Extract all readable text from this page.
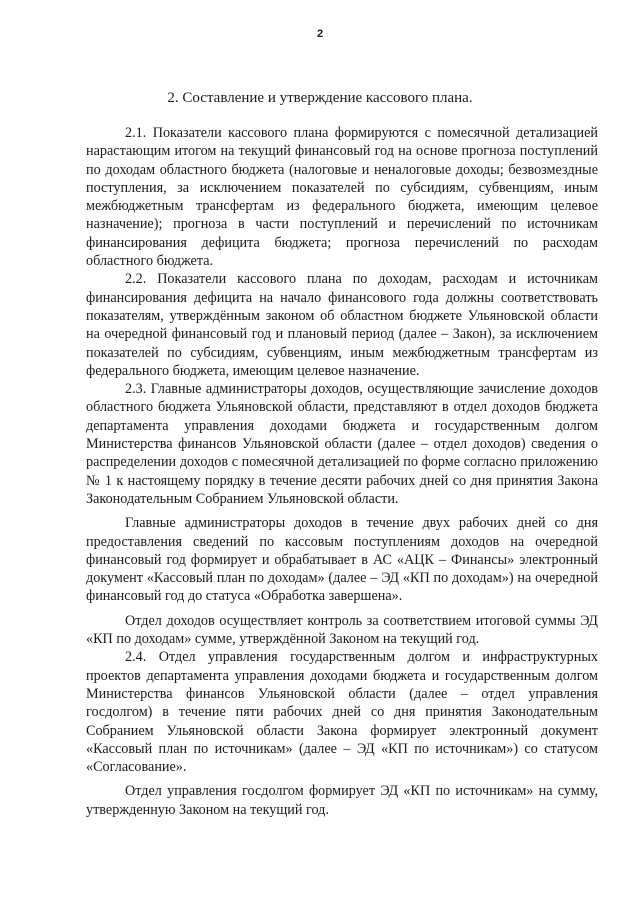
2
2. Составление и утверждение кассового плана.

2.1. Показатели кассового плана формируются с помесячной детализацией нарастающим итогом на текущий финансовый год на основе прогноза поступлений по доходам областного бюджета (налоговые и неналоговые доходы; безвозмездные поступления, за исключением показателей по субсидиям, субвенциям, иным межбюджетным трансфертам из федерального бюджета, имеющим целевое назначение); прогноза в части поступлений и перечислений по источникам финансирования дефицита бюджета; прогноза перечислений по расходам областного бюджета.

2.2. Показатели кассового плана по доходам, расходам и источникам финансирования дефицита на начало финансового года должны соответствовать показателям, утверждённым законом об областном бюджете Ульяновской области на очередной финансовый год и плановый период (далее – Закон), за исключением показателей по субсидиям, субвенциям, иным межбюджетным трансфертам из федерального бюджета, имеющим целевое назначение.

2.3. Главные администраторы доходов, осуществляющие зачисление доходов областного бюджета Ульяновской области, представляют в отдел доходов бюджета департамента управления доходами бюджета и государственным долгом Министерства финансов Ульяновской области (далее – отдел доходов) сведения о распределении доходов с помесячной детализацией по форме согласно приложению № 1 к настоящему порядку в течение десяти рабочих дней со дня принятия Закона Законодательным Собранием Ульяновской области.

Главные администраторы доходов в течение двух рабочих дней со дня предоставления сведений по кассовым поступлениям доходов на очередной финансовый год формирует и обрабатывает в АС «АЦК – Финансы» электронный документ «Кассовый план по доходам» (далее – ЭД «КП по доходам») на очередной финансовый год до статуса «Обработка завершена».

Отдел доходов осуществляет контроль за соответствием итоговой суммы ЭД «КП по доходам» сумме, утверждённой Законом на текущий год.

2.4. Отдел управления государственным долгом и инфраструктурных проектов департамента управления доходами бюджета и государственным долгом Министерства финансов Ульяновской области (далее – отдел управления госдолгом) в течение пяти рабочих дней со дня принятия Законодательным Собранием Ульяновской области Закона формирует электронный документ «Кассовый план по источникам» (далее – ЭД «КП по источникам») со статусом «Согласование».

Отдел управления госдолгом формирует ЭД «КП по источникам» на сумму, утвержденную Законом на текущий год.
